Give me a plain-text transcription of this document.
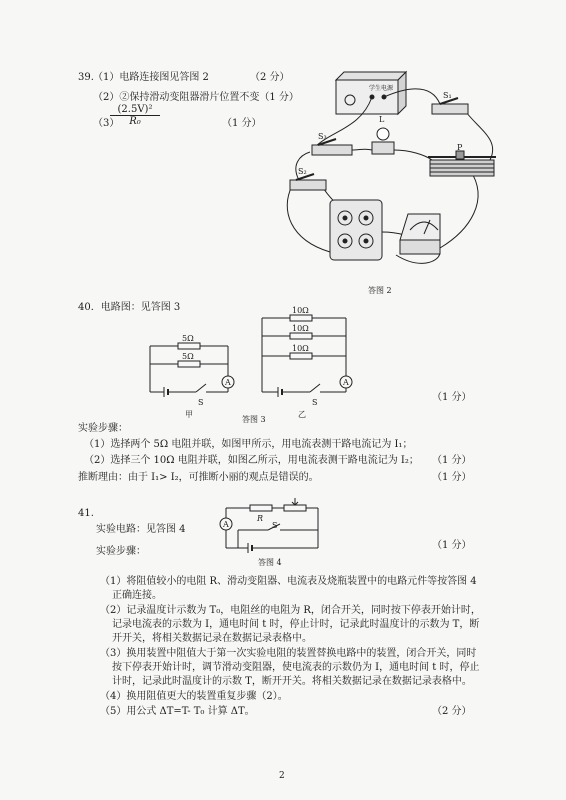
39. （1）电路连接图见答图 2	（2 分）
（2）②保持滑动变阻器滑片位置不变（1 分）
（3）
$\frac{\text{(2.5V)²}}{\text{R₀}}$	（1 分）
学生电源
S₁
S₃
L
P
S₂
答图 2
40．电路图：见答图 3
5Ω
5Ω
A
S
甲
10Ω
10Ω
10Ω
A
S
乙
答图 3
（1 分）
实验步骤：
（1）选择两个 5Ω 电阻并联，如图甲所示，用电流表测干路电流记为 I₁；
（2）选择三个 10Ω 电阻并联，如图乙所示，用电流表测干路电流记为 I₂； （1 分）
推断理由：由于 I₁> I₂，可推断小丽的观点是错误的。	（1 分）
41.
实验电路：见答图 4	A
R
S
答图 4
（1 分）
实验步骤：
（1）将阻值较小的电阻 R、滑动变阻器、电流表及烧瓶装置中的电路元件等按答图 4
正确连接。
（2）记录温度计示数为 T₀，电阻丝的电阻为 R，闭合开关，同时按下停表开始计时，
记录电流表的示数为 I，通电时间 t 时，停止计时，记录此时温度计的示数为 T，断
开开关，将相关数据记录在数据记录表格中。
（3）换用装置中阻值大于第一次实验电阻的装置替换电路中的装置，闭合开关，同时
按下停表开始计时，调节滑动变阻器，使电流表的示数仍为 I，通电时间 t 时，停止
计时，记录此时温度计的示数 T，断开开关。将相关数据记录在数据记录表格中。
（4）换用阻值更大的装置重复步骤（2）。
（5）用公式 ΔT=T- T₀ 计算 ΔT。	（2 分）
2
